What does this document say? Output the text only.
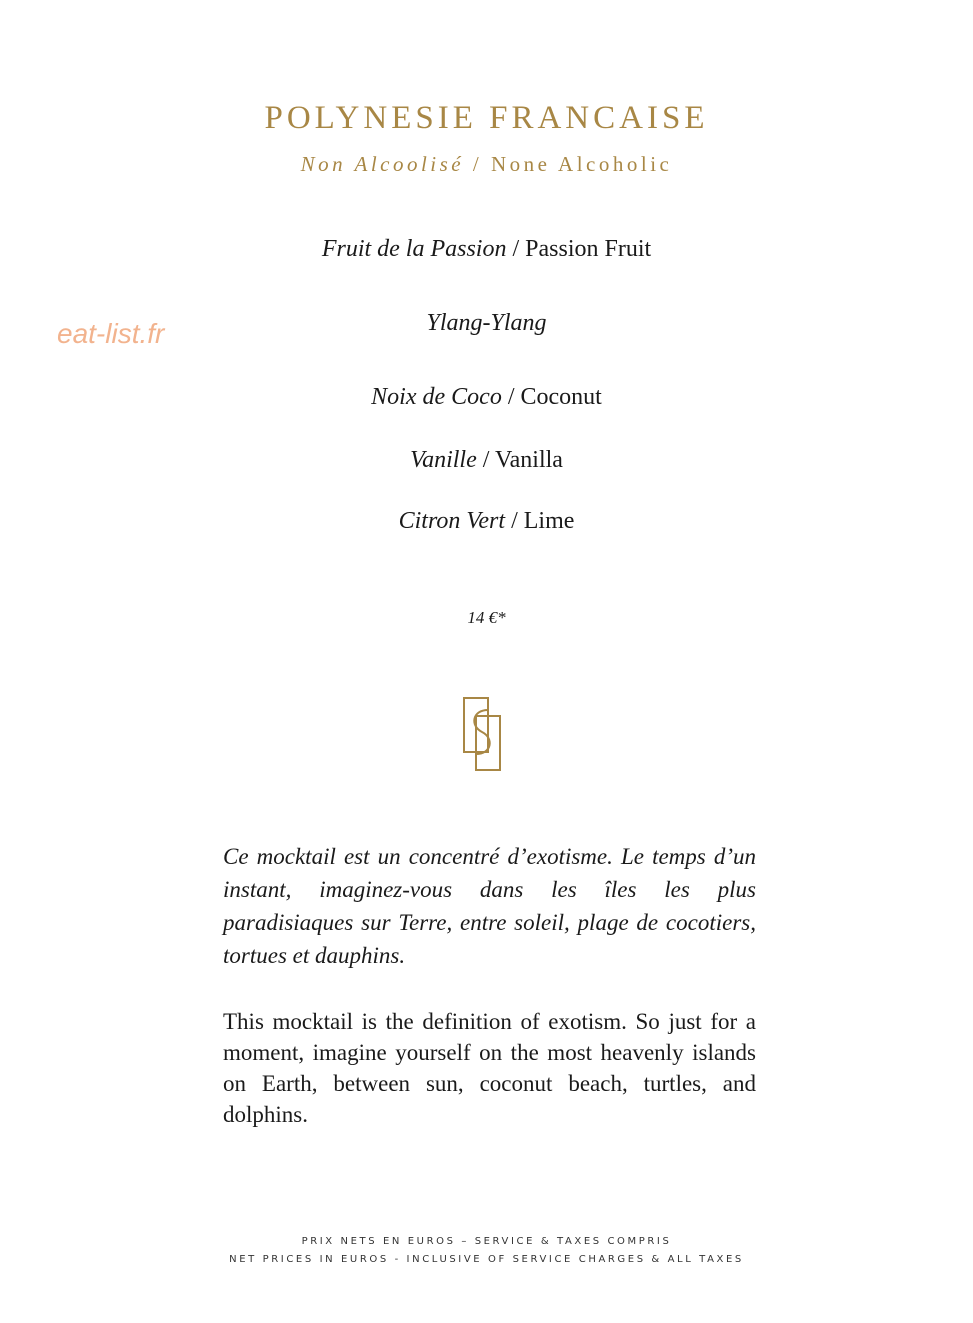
eat-list.fr
POLYNESIE FRANCAISE
Non Alcoolisé / None Alcoholic
Fruit de la Passion / Passion Fruit
Ylang-Ylang
Noix de Coco / Coconut
Vanille / Vanilla
Citron Vert / Lime
14 €*
Ce mocktail est un concentré d’exotisme. Le temps d’un instant, imaginez-vous dans les îles les plus paradisiaques sur Terre, entre soleil, plage de cocotiers, tortues et dauphins.
This mocktail is the definition of exotism. So just for a moment, imagine yourself on the most heavenly islands on Earth, between sun, coconut beach, turtles, and dolphins.
PRIX NETS EN EUROS – SERVICE & TAXES COMPRIS
NET PRICES IN EUROS - INCLUSIVE OF SERVICE CHARGES & ALL TAXES
